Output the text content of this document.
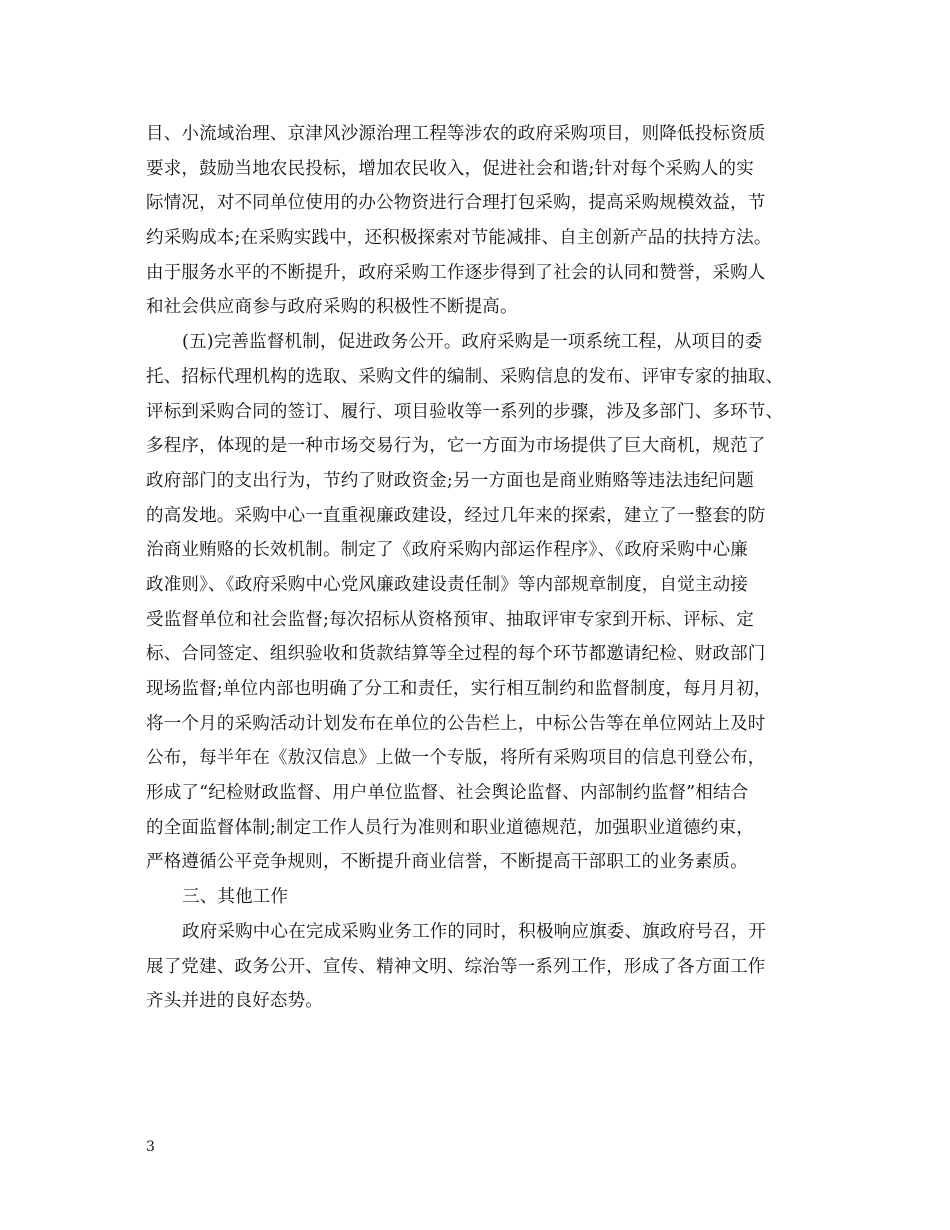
目、小流域治理、京津风沙源治理工程等涉农的政府采购项目，则降低投标资质
要求，鼓励当地农民投标，增加农民收入，促进社会和谐;针对每个采购人的实
际情况，对不同单位使用的办公物资进行合理打包采购，提高采购规模效益，节
约采购成本;在采购实践中，还积极探索对节能减排、自主创新产品的扶持方法。
由于服务水平的不断提升，政府采购工作逐步得到了社会的认同和赞誉，采购人
和社会供应商参与政府采购的积极性不断提高。
(五)完善监督机制，促进政务公开。政府采购是一项系统工程，从项目的委
托、招标代理机构的选取、采购文件的编制、采购信息的发布、评审专家的抽取、
评标到采购合同的签订、履行、项目验收等一系列的步骤，涉及多部门、多环节、
多程序，体现的是一种市场交易行为，它一方面为市场提供了巨大商机，规范了
政府部门的支出行为，节约了财政资金;另一方面也是商业贿赂等违法违纪问题
的高发地。采购中心一直重视廉政建设，经过几年来的探索，建立了一整套的防
治商业贿赂的长效机制。制定了《政府采购内部运作程序》、《政府采购中心廉
政准则》、《政府采购中心党风廉政建设责任制》等内部规章制度，自觉主动接
受监督单位和社会监督;每次招标从资格预审、抽取评审专家到开标、评标、定
标、合同签定、组织验收和货款结算等全过程的每个环节都邀请纪检、财政部门
现场监督;单位内部也明确了分工和责任，实行相互制约和监督制度，每月月初，
将一个月的采购活动计划发布在单位的公告栏上，中标公告等在单位网站上及时
公布，每半年在《敖汉信息》上做一个专版，将所有采购项目的信息刊登公布，
形成了“纪检财政监督、用户单位监督、社会舆论监督、内部制约监督”相结合
的全面监督体制;制定工作人员行为准则和职业道德规范，加强职业道德约束，
严格遵循公平竞争规则，不断提升商业信誉，不断提高干部职工的业务素质。
三、其他工作
政府采购中心在完成采购业务工作的同时，积极响应旗委、旗政府号召，开
展了党建、政务公开、宣传、精神文明、综治等一系列工作，形成了各方面工作
齐头并进的良好态势。
3
